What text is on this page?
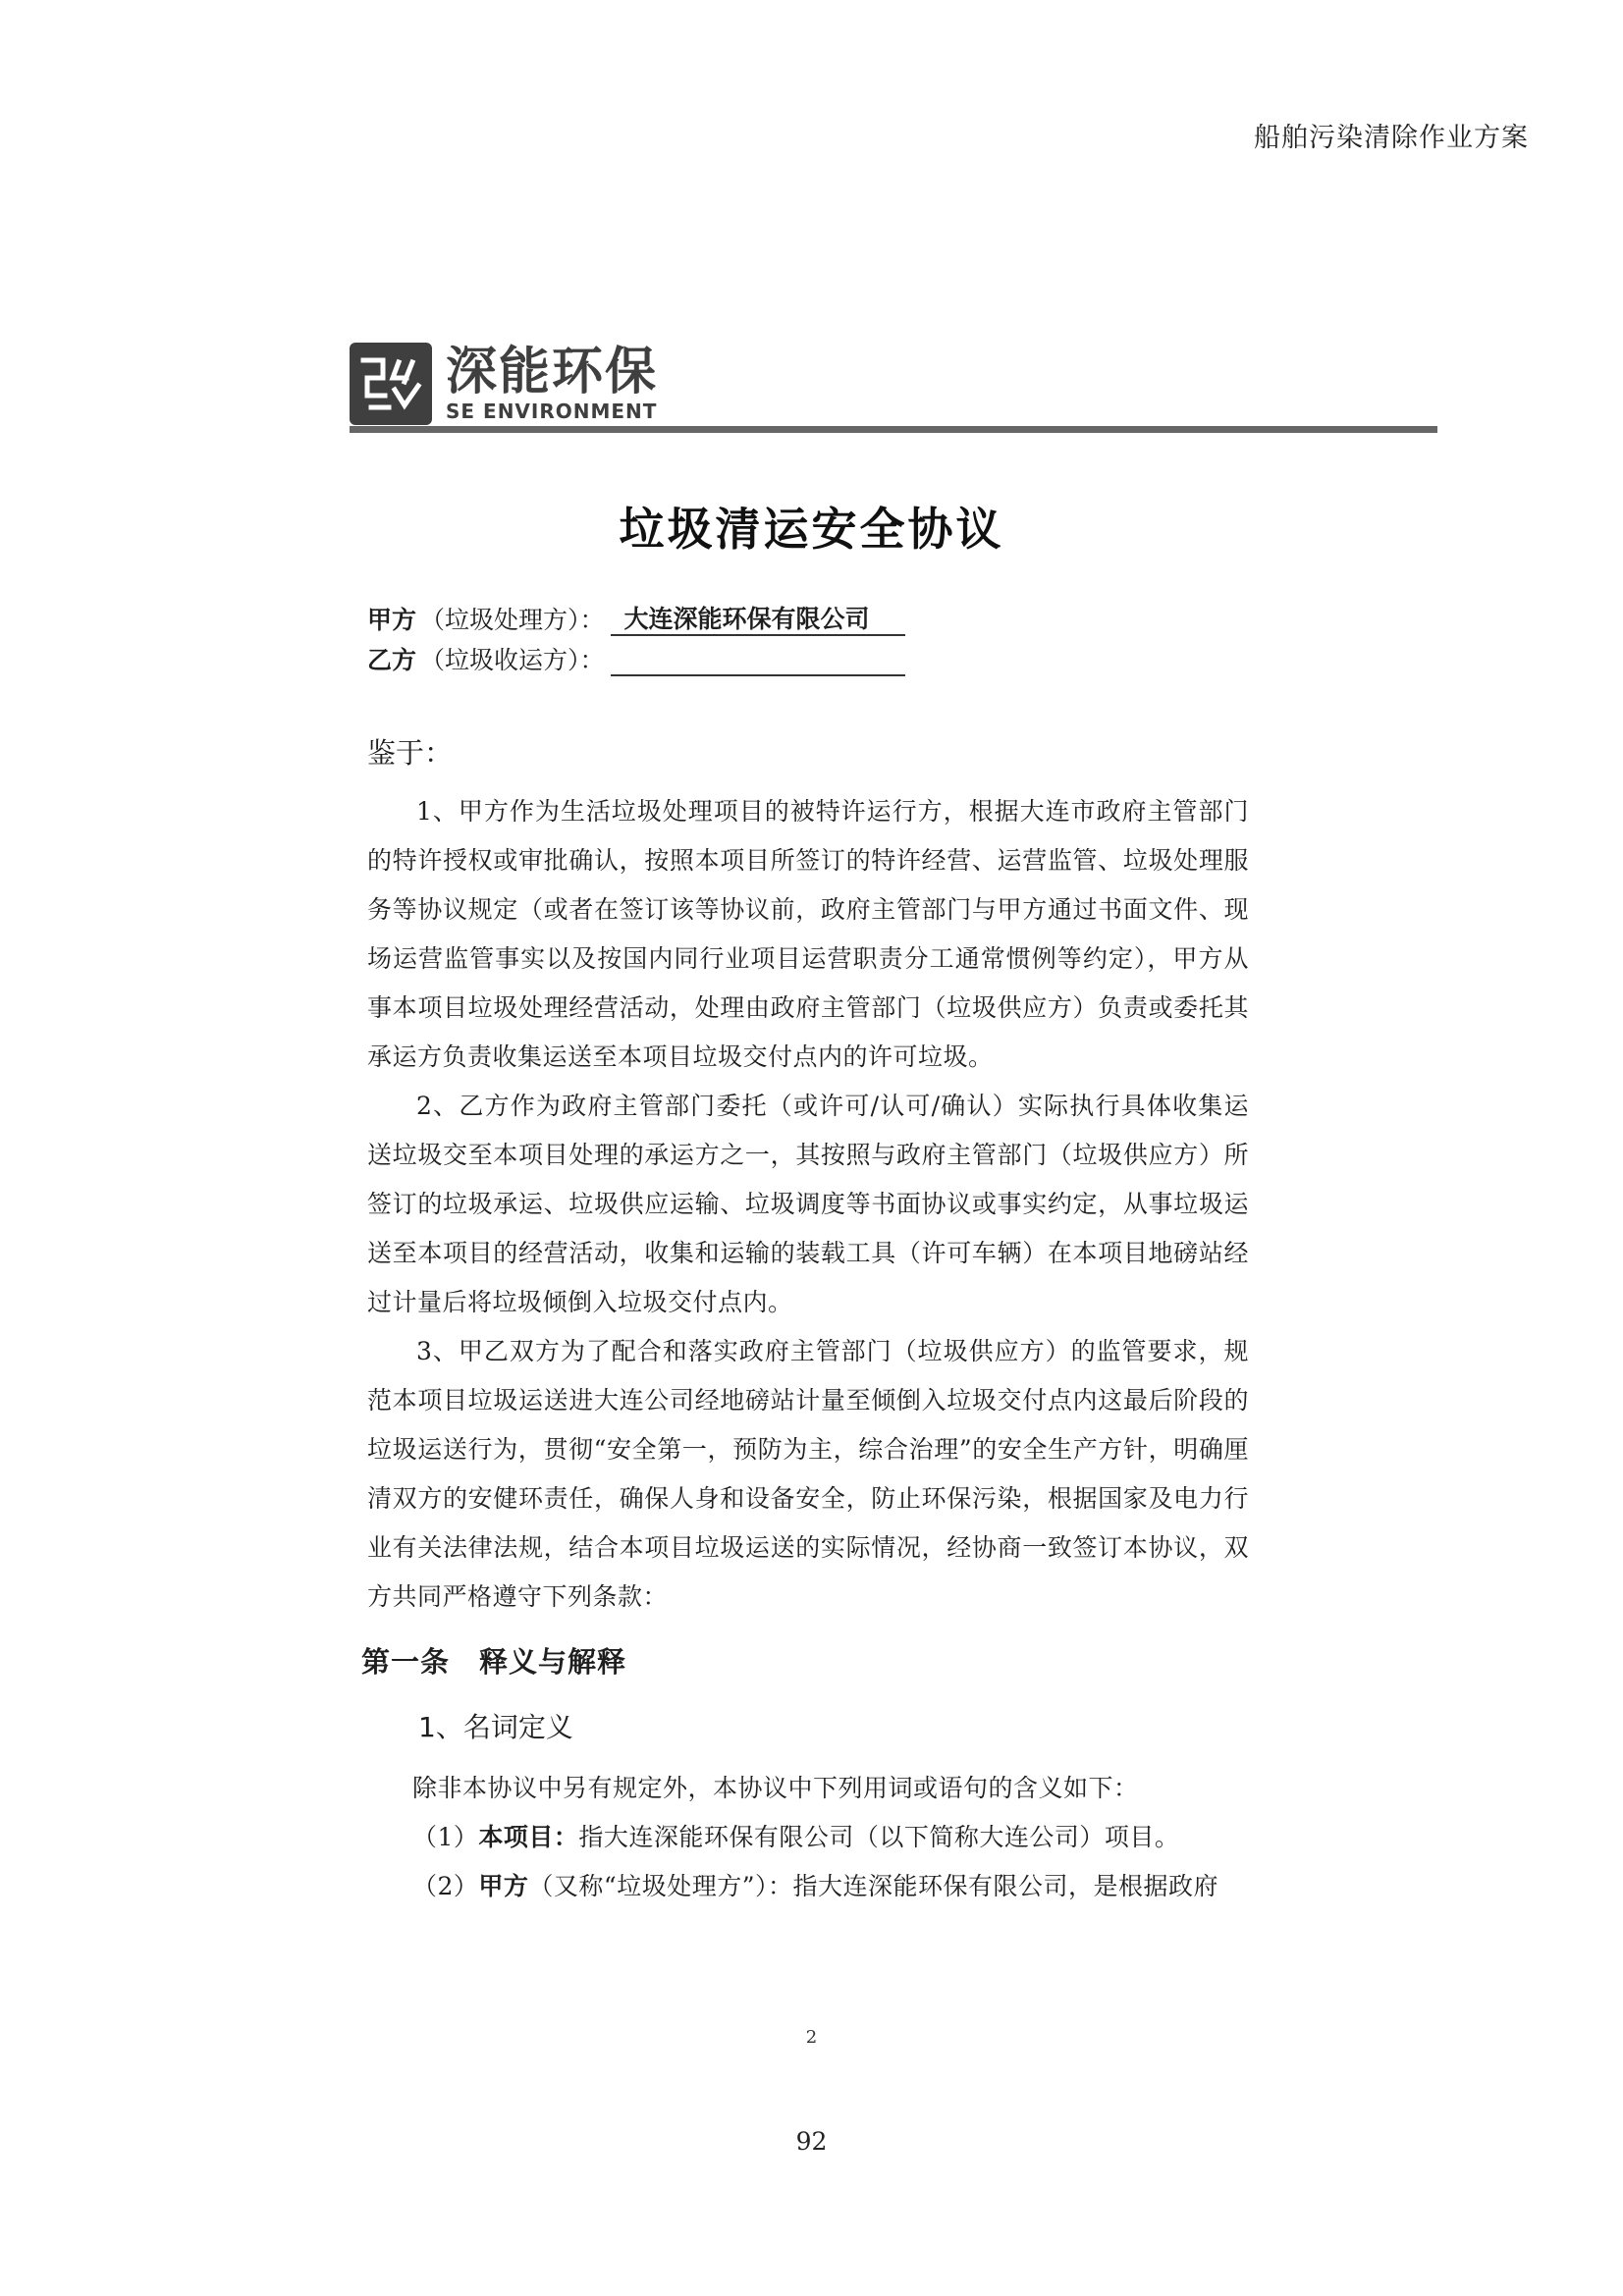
船舶污染清除作业方案
深能环保
SE ENVIRONMENT
垃圾清运安全协议
甲方 （垃圾处理方）： 大连深能环保有限公司
乙方 （垃圾收运方）：
鉴于：
1、甲方作为生活垃圾处理项目的被特许运行方，根据大连市政府主管部门的特许授权或审批确认，按照本项目所签订的特许经营、运营监管、垃圾处理服务等协议规定（或者在签订该等协议前，政府主管部门与甲方通过书面文件、现场运营监管事实以及按国内同行业项目运营职责分工通常惯例等约定），甲方从事本项目垃圾处理经营活动，处理由政府主管部门（垃圾供应方）负责或委托其承运方负责收集运送至本项目垃圾交付点内的许可垃圾。
2、乙方作为政府主管部门委托（或许可/认可/确认）实际执行具体收集运送垃圾交至本项目处理的承运方之一，其按照与政府主管部门（垃圾供应方）所签订的垃圾承运、垃圾供应运输、垃圾调度等书面协议或事实约定，从事垃圾运送至本项目的经营活动，收集和运输的装载工具（许可车辆）在本项目地磅站经过计量后将垃圾倾倒入垃圾交付点内。
3、甲乙双方为了配合和落实政府主管部门（垃圾供应方）的监管要求，规范本项目垃圾运送进大连公司经地磅站计量至倾倒入垃圾交付点内这最后阶段的垃圾运送行为，贯彻“安全第一，预防为主，综合治理”的安全生产方针，明确厘清双方的安健环责任，确保人身和设备安全，防止环保污染，根据国家及电力行业有关法律法规，结合本项目垃圾运送的实际情况，经协商一致签订本协议，双方共同严格遵守下列条款：
第一条 释义与解释
1、名词定义
除非本协议中另有规定外，本协议中下列用词或语句的含义如下：
（1）本项目：指大连深能环保有限公司（以下简称大连公司）项目。
（2）甲方（又称“垃圾处理方”）：指大连深能环保有限公司，是根据政府
2
92
